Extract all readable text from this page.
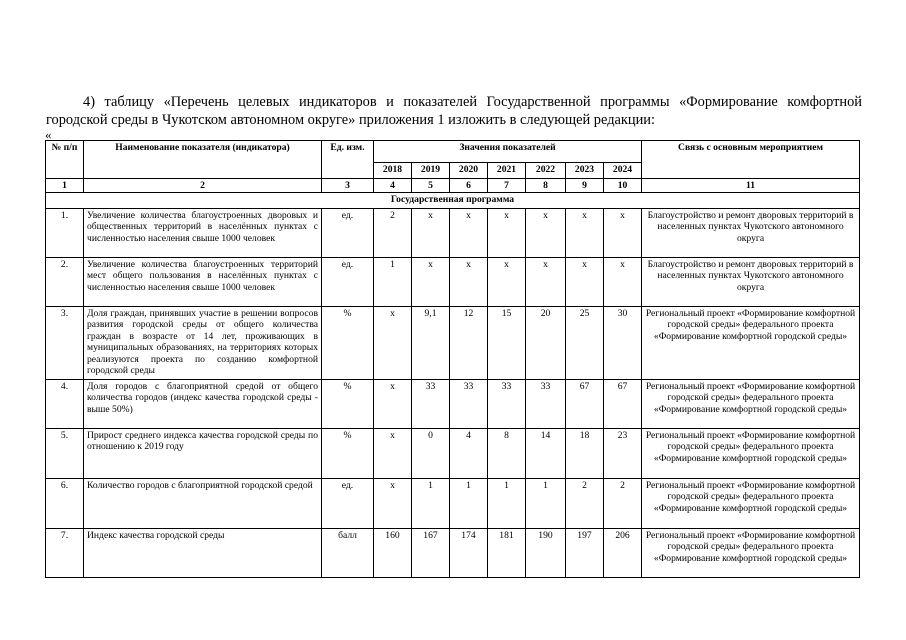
4) таблицу «Перечень целевых индикаторов и показателей Государственной программы «Формирование комфортной городской среды в Чукотском автономном округе» приложения 1 изложить в следующей редакции:
«
№ п/п	Наименование показателя (индикатора)	Ед. изм.	Значения показателей							Связь с основным мероприятием
			2018	2019	2020	2021	2022	2023	2024	
1	2	3	4	5	6	7	8	9	10	11
Государственная программа										
1.	Увеличение количества благоустроенных дворовых и общественных территорий в населённых пунктах с численностью населения свыше 1000 человек	ед.	2	х	х	х	х	х	х	Благоустройство и ремонт дворовых территорий в населенных пунктах Чукотского автономного округа
2.	Увеличение количества благоустроенных территорий мест общего пользования в населённых пунктах с численностью населения свыше 1000 человек	ед.	1	х	х	х	х	х	х	Благоустройство и ремонт дворовых территорий в населенных пунктах Чукотского автономного округа
3.	Доля граждан, принявших участие в решении вопросов развития городской среды от общего количества граждан в возрасте от 14 лет, проживающих в муниципальных образованиях, на территориях которых реализуются проекта по созданию комфортной городской среды	%	х	9,1	12	15	20	25	30	Региональный проект «Формирование комфортной городской среды» федерального проекта «Формирование комфортной городской среды»
4.	Доля городов с благоприятной средой от общего количества городов (индекс качества городской среды - выше 50%)	%	х	33	33	33	33	67	67	Региональный проект «Формирование комфортной городской среды» федерального проекта «Формирование комфортной городской среды»
5.	Прирост среднего индекса качества городской среды по отношению к 2019 году	%	х	0	4	8	14	18	23	Региональный проект «Формирование комфортной городской среды» федерального проекта «Формирование комфортной городской среды»
6.	Количество городов с благоприятной городской средой	ед.	х	1	1	1	1	2	2	Региональный проект «Формирование комфортной городской среды» федерального проекта «Формирование комфортной городской среды»
7.	Индекс качества городской среды	балл	160	167	174	181	190	197	206	Региональный проект «Формирование комфортной городской среды» федерального проекта «Формирование комфортной городской среды»
